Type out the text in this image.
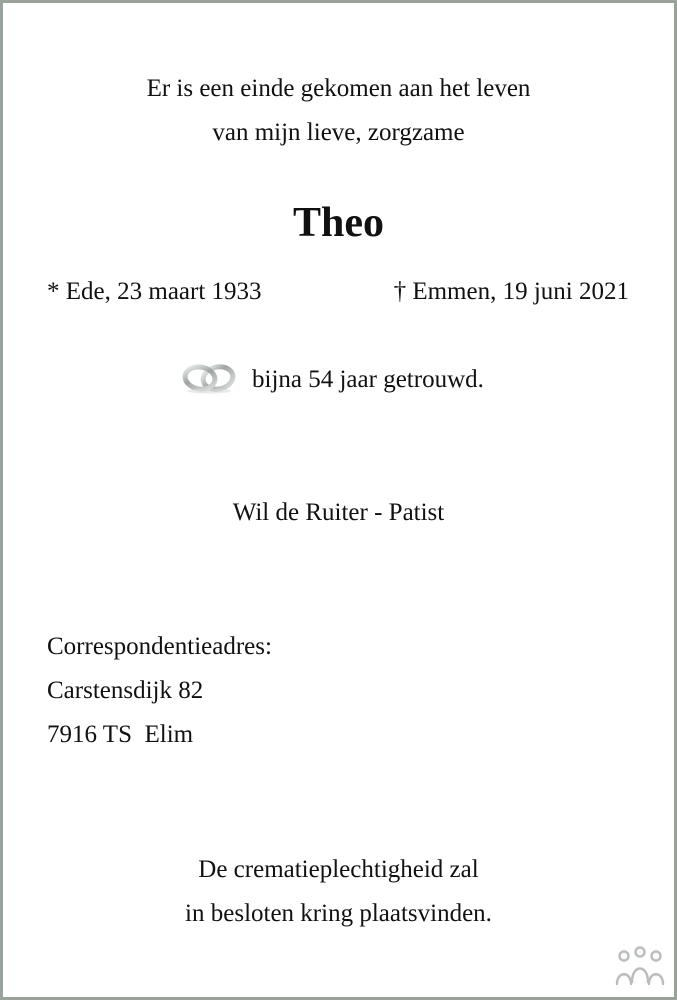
Er is een einde gekomen aan het leven
van mijn lieve, zorgzame
Theo
* Ede, 23 maart 1933	† Emmen, 19 juni 2021
bijna 54 jaar getrouwd.
Wil de Ruiter - Patist
Correspondentieadres:
Carstensdijk 82
7916 TS  Elim
De crematieplechtigheid zal
in besloten kring plaatsvinden.
